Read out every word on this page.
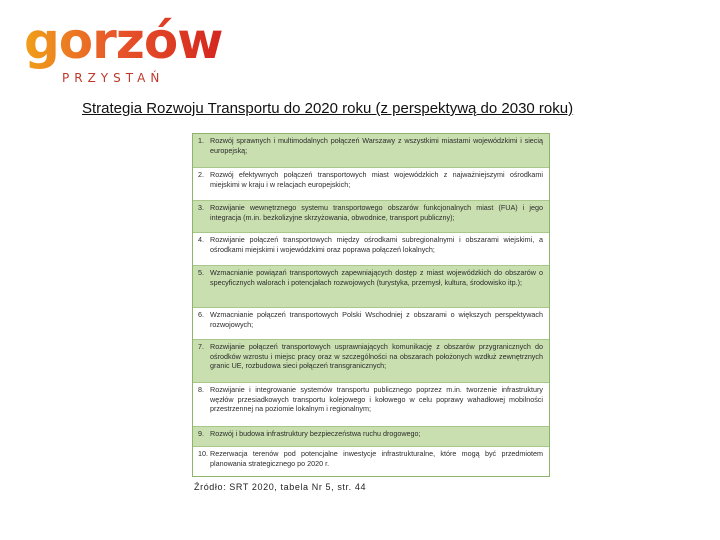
gorzów
PRZYSTAŃ
Strategia Rozwoju Transportu do 2020 roku (z perspektywą do 2030 roku)
1. Rozwój sprawnych i multimodalnych połączeń Warszawy z wszystkimi miastami wojewódzkimi i siecią europejską;
2. Rozwój efektywnych połączeń transportowych miast wojewódzkich z najważniejszymi ośrodkami miejskimi w kraju i w relacjach europejskich;
3. Rozwijanie wewnętrznego systemu transportowego obszarów funkcjonalnych miast (FUA) i jego integracja (m.in. bezkolizyjne skrzyżowania, obwodnice, transport publiczny);
4. Rozwijanie połączeń transportowych między ośrodkami subregionalnymi i obszarami wiejskimi, a ośrodkami miejskimi i wojewódzkimi oraz poprawa połączeń lokalnych;
5. Wzmacnianie powiązań transportowych zapewniających dostęp z miast wojewódzkich do obszarów o specyficznych walorach i potencjałach rozwojowych (turystyka, przemysł, kultura, środowisko itp.);
6. Wzmacnianie połączeń transportowych Polski Wschodniej z obszarami o większych perspektywach rozwojowych;
7. Rozwijanie połączeń transportowych usprawniających komunikację z obszarów przygranicznych do ośrodków wzrostu i miejsc pracy oraz w szczególności na obszarach położonych wzdłuż zewnętrznych granic UE, rozbudowa sieci połączeń transgranicznych;
8. Rozwijanie i integrowanie systemów transportu publicznego poprzez m.in. tworzenie infrastruktury węzłów przesiadkowych transportu kolejowego i kołowego w celu poprawy wahadłowej mobilności przestrzennej na poziomie lokalnym i regionalnym;
9. Rozwój i budowa infrastruktury bezpieczeństwa ruchu drogowego;
10. Rezerwacja terenów pod potencjalne inwestycje infrastrukturalne, które mogą być przedmiotem planowania strategicznego po 2020 r.
Źródło: SRT 2020, tabela Nr 5, str. 44
